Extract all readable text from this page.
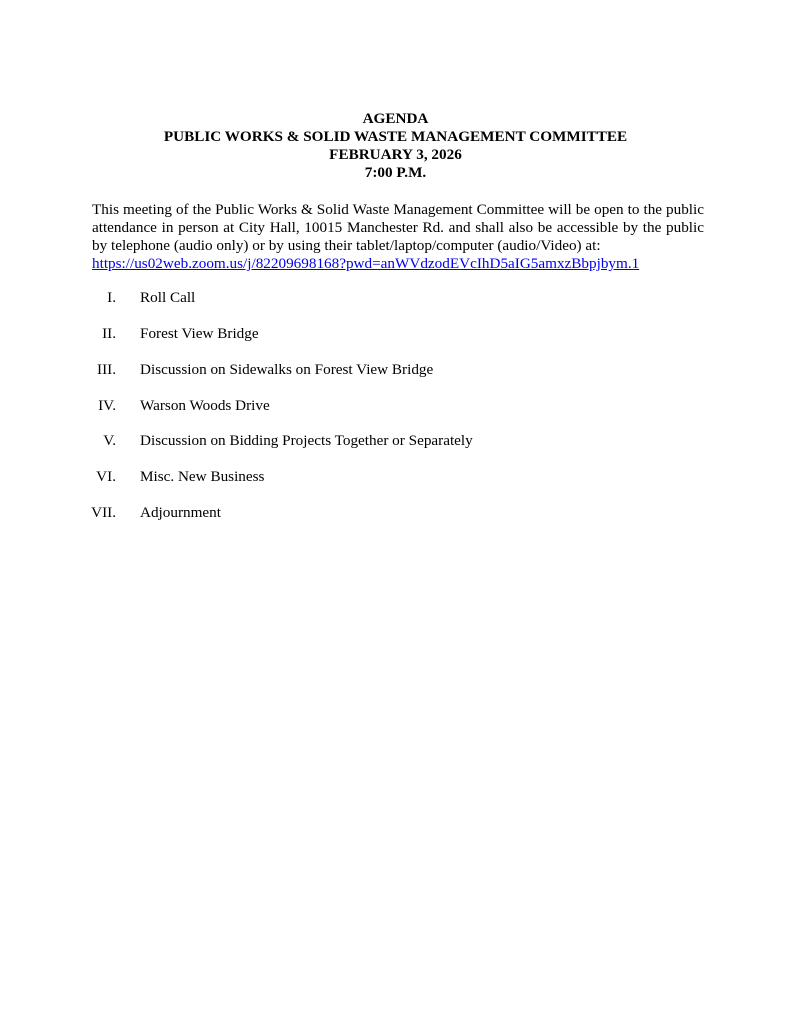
AGENDA
PUBLIC WORKS & SOLID WASTE MANAGEMENT COMMITTEE
FEBRUARY 3, 2026
7:00 P.M.
This meeting of the Public Works & Solid Waste Management Committee will be open to the public attendance in person at City Hall, 10015 Manchester Rd. and shall also be accessible by the public by telephone (audio only) or by using their tablet/laptop/computer (audio/Video) at:
https://us02web.zoom.us/j/82209698168?pwd=anWVdzodEVcIhD5aIG5amxzBbpjbym.1
I. Roll Call
II. Forest View Bridge
III. Discussion on Sidewalks on Forest View Bridge
IV. Warson Woods Drive
V. Discussion on Bidding Projects Together or Separately
VI. Misc. New Business
VII. Adjournment
